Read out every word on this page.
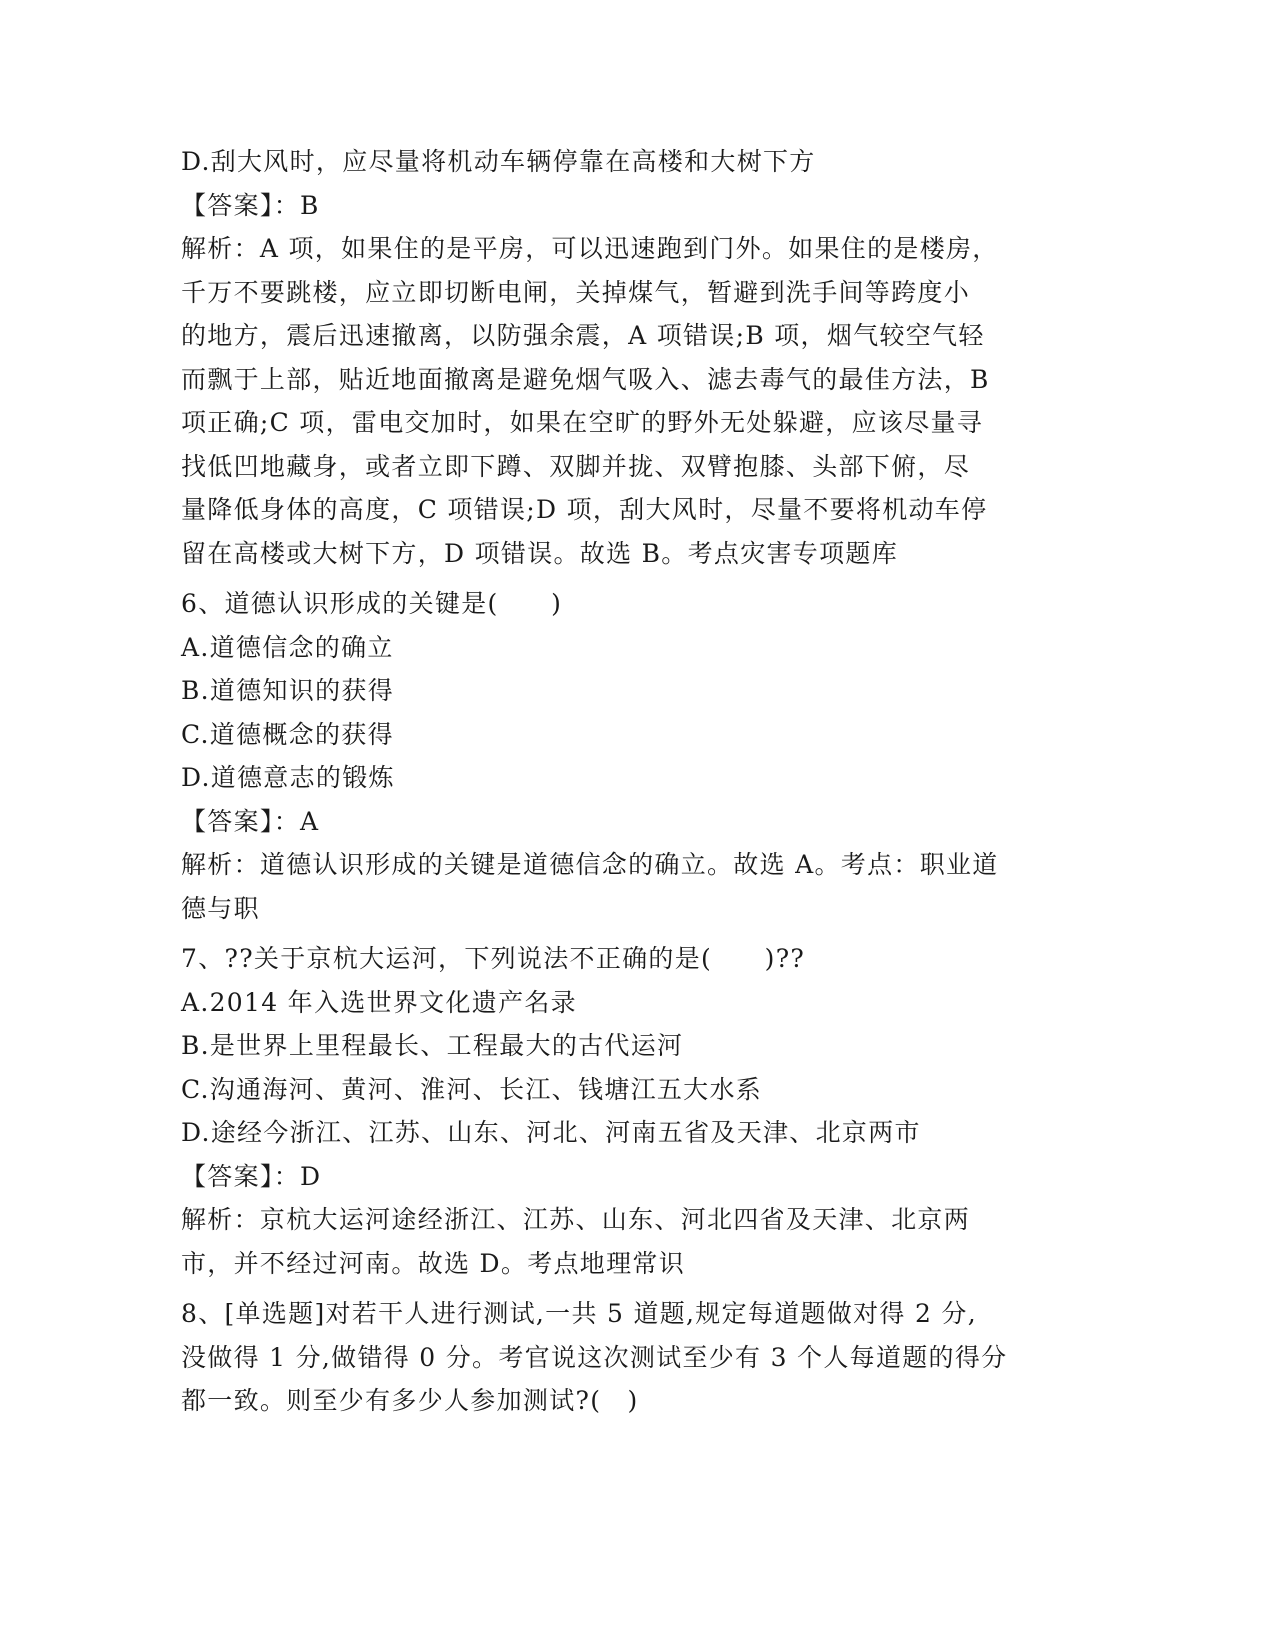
D.刮大风时，应尽量将机动车辆停靠在高楼和大树下方

【答案】：B

解析：A 项，如果住的是平房，可以迅速跑到门外。如果住的是楼房，

千万不要跳楼，应立即切断电闸，关掉煤气，暂避到洗手间等跨度小

的地方，震后迅速撤离，以防强余震，A 项错误;B 项，烟气较空气轻

而飘于上部，贴近地面撤离是避免烟气吸入、滤去毒气的最佳方法，B

项正确;C 项，雷电交加时，如果在空旷的野外无处躲避，应该尽量寻

找低凹地藏身，或者立即下蹲、双脚并拢、双臂抱膝、头部下俯，尽

量降低身体的高度，C 项错误;D 项，刮大风时，尽量不要将机动车停

留在高楼或大树下方，D 项错误。故选 B。考点灾害专项题库

6、道德认识形成的关键是(　　)

A.道德信念的确立

B.道德知识的获得

C.道德概念的获得

D.道德意志的锻炼

【答案】：A

解析：道德认识形成的关键是道德信念的确立。故选 A。考点：职业道

德与职

7、??关于京杭大运河，下列说法不正确的是(　　)??

A.2014 年入选世界文化遗产名录

B.是世界上里程最长、工程最大的古代运河

C.沟通海河、黄河、淮河、长江、钱塘江五大水系

D.途经今浙江、江苏、山东、河北、河南五省及天津、北京两市

【答案】：D

解析：京杭大运河途经浙江、江苏、山东、河北四省及天津、北京两

市，并不经过河南。故选 D。考点地理常识

8、[单选题]对若干人进行测试,一共 5 道题,规定每道题做对得 2 分,

没做得 1 分,做错得 0 分。考官说这次测试至少有 3 个人每道题的得分

都一致。则至少有多少人参加测试?(　)
